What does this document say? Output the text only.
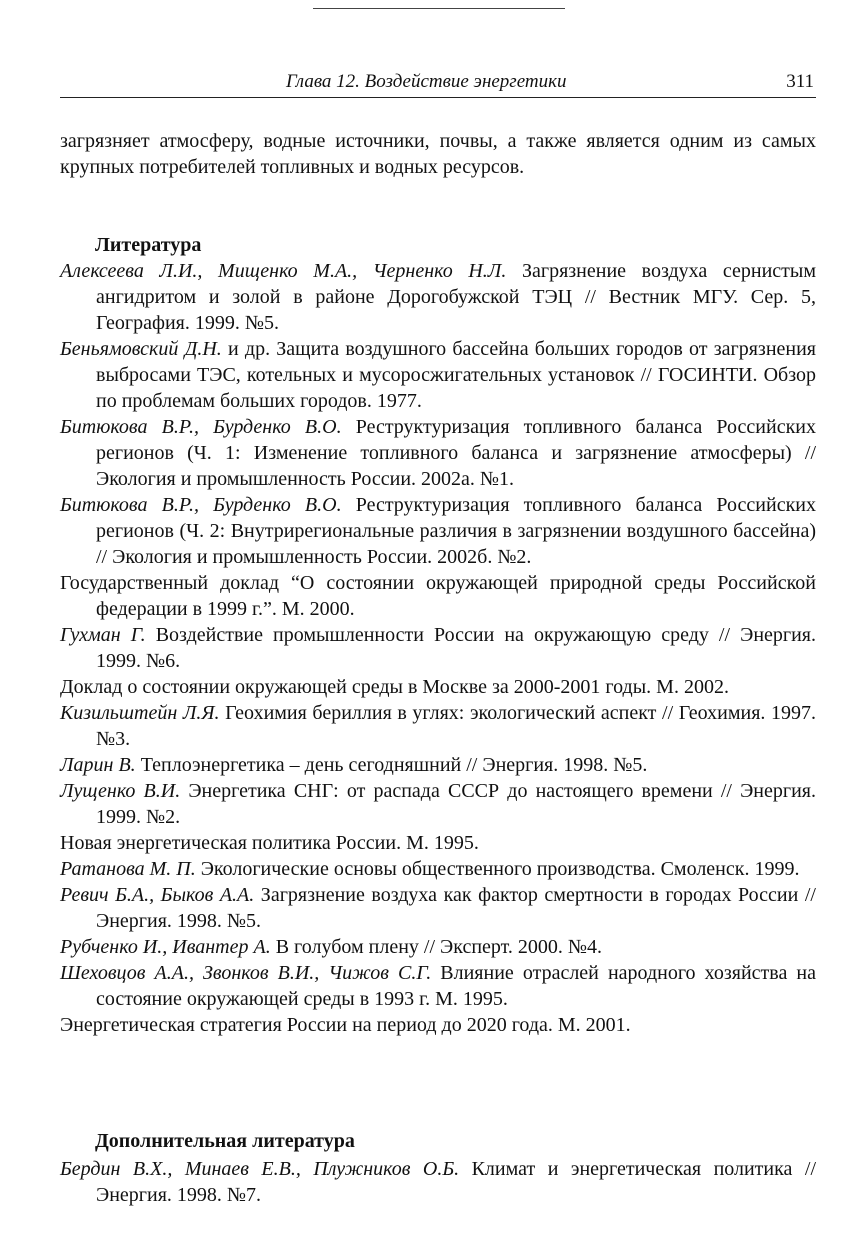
Глава 12. Воздействие энергетики	311

загрязняет атмосферу, водные источники, почвы, а также является одним из самых крупных потребителей топливных и водных ресурсов.

Литература

Алексеева Л.И., Мищенко М.А., Черненко Н.Л. Загрязнение воздуха сернистым ангидритом и золой в районе Дорогобужской ТЭЦ // Вестник МГУ. Сер. 5, География. 1999. №5.

Беньямовский Д.Н. и др. Защита воздушного бассейна больших городов от загрязнения выбросами ТЭС, котельных и мусоросжигательных установок // ГОСИНТИ. Обзор по проблемам больших городов. 1977.

Битюкова В.Р., Бурденко В.О. Реструктуризация топливного баланса Российских регионов (Ч. 1: Изменение топливного баланса и загрязнение атмосферы) // Экология и промышленность России. 2002а. №1.

Битюкова В.Р., Бурденко В.О. Реструктуризация топливного баланса Российских регионов (Ч. 2: Внутрирегиональные различия в загрязнении воздушного бассейна) // Экология и промышленность России. 2002б. №2.

Государственный доклад “О состоянии окружающей природной среды Российской федерации в 1999 г.”. М. 2000.

Гухман Г. Воздействие промышленности России на окружающую среду // Энергия. 1999. №6.

Доклад о состоянии окружающей среды в Москве за 2000-2001 годы. М. 2002.

Кизильштейн Л.Я. Геохимия бериллия в углях: экологический аспект // Геохимия. 1997. №3.

Ларин В. Теплоэнергетика – день сегодняшний // Энергия. 1998. №5.

Лущенко В.И. Энергетика СНГ: от распада СССР до настоящего времени // Энергия. 1999. №2.

Новая энергетическая политика России. М. 1995.

Ратанова М. П. Экологические основы общественного производства. Смоленск. 1999.

Ревич Б.А., Быков А.А. Загрязнение воздуха как фактор смертности в городах России // Энергия. 1998. №5.

Рубченко И., Ивантер А. В голубом плену // Эксперт. 2000. №4.

Шеховцов А.А., Звонков В.И., Чижов С.Г. Влияние отраслей народного хозяйства на состояние окружающей среды в 1993 г. М. 1995.

Энергетическая стратегия России на период до 2020 года. М. 2001.

Дополнительная литература

Бердин В.Х., Минаев Е.В., Плужников О.Б. Климат и энергетическая политика // Энергия. 1998. №7.
